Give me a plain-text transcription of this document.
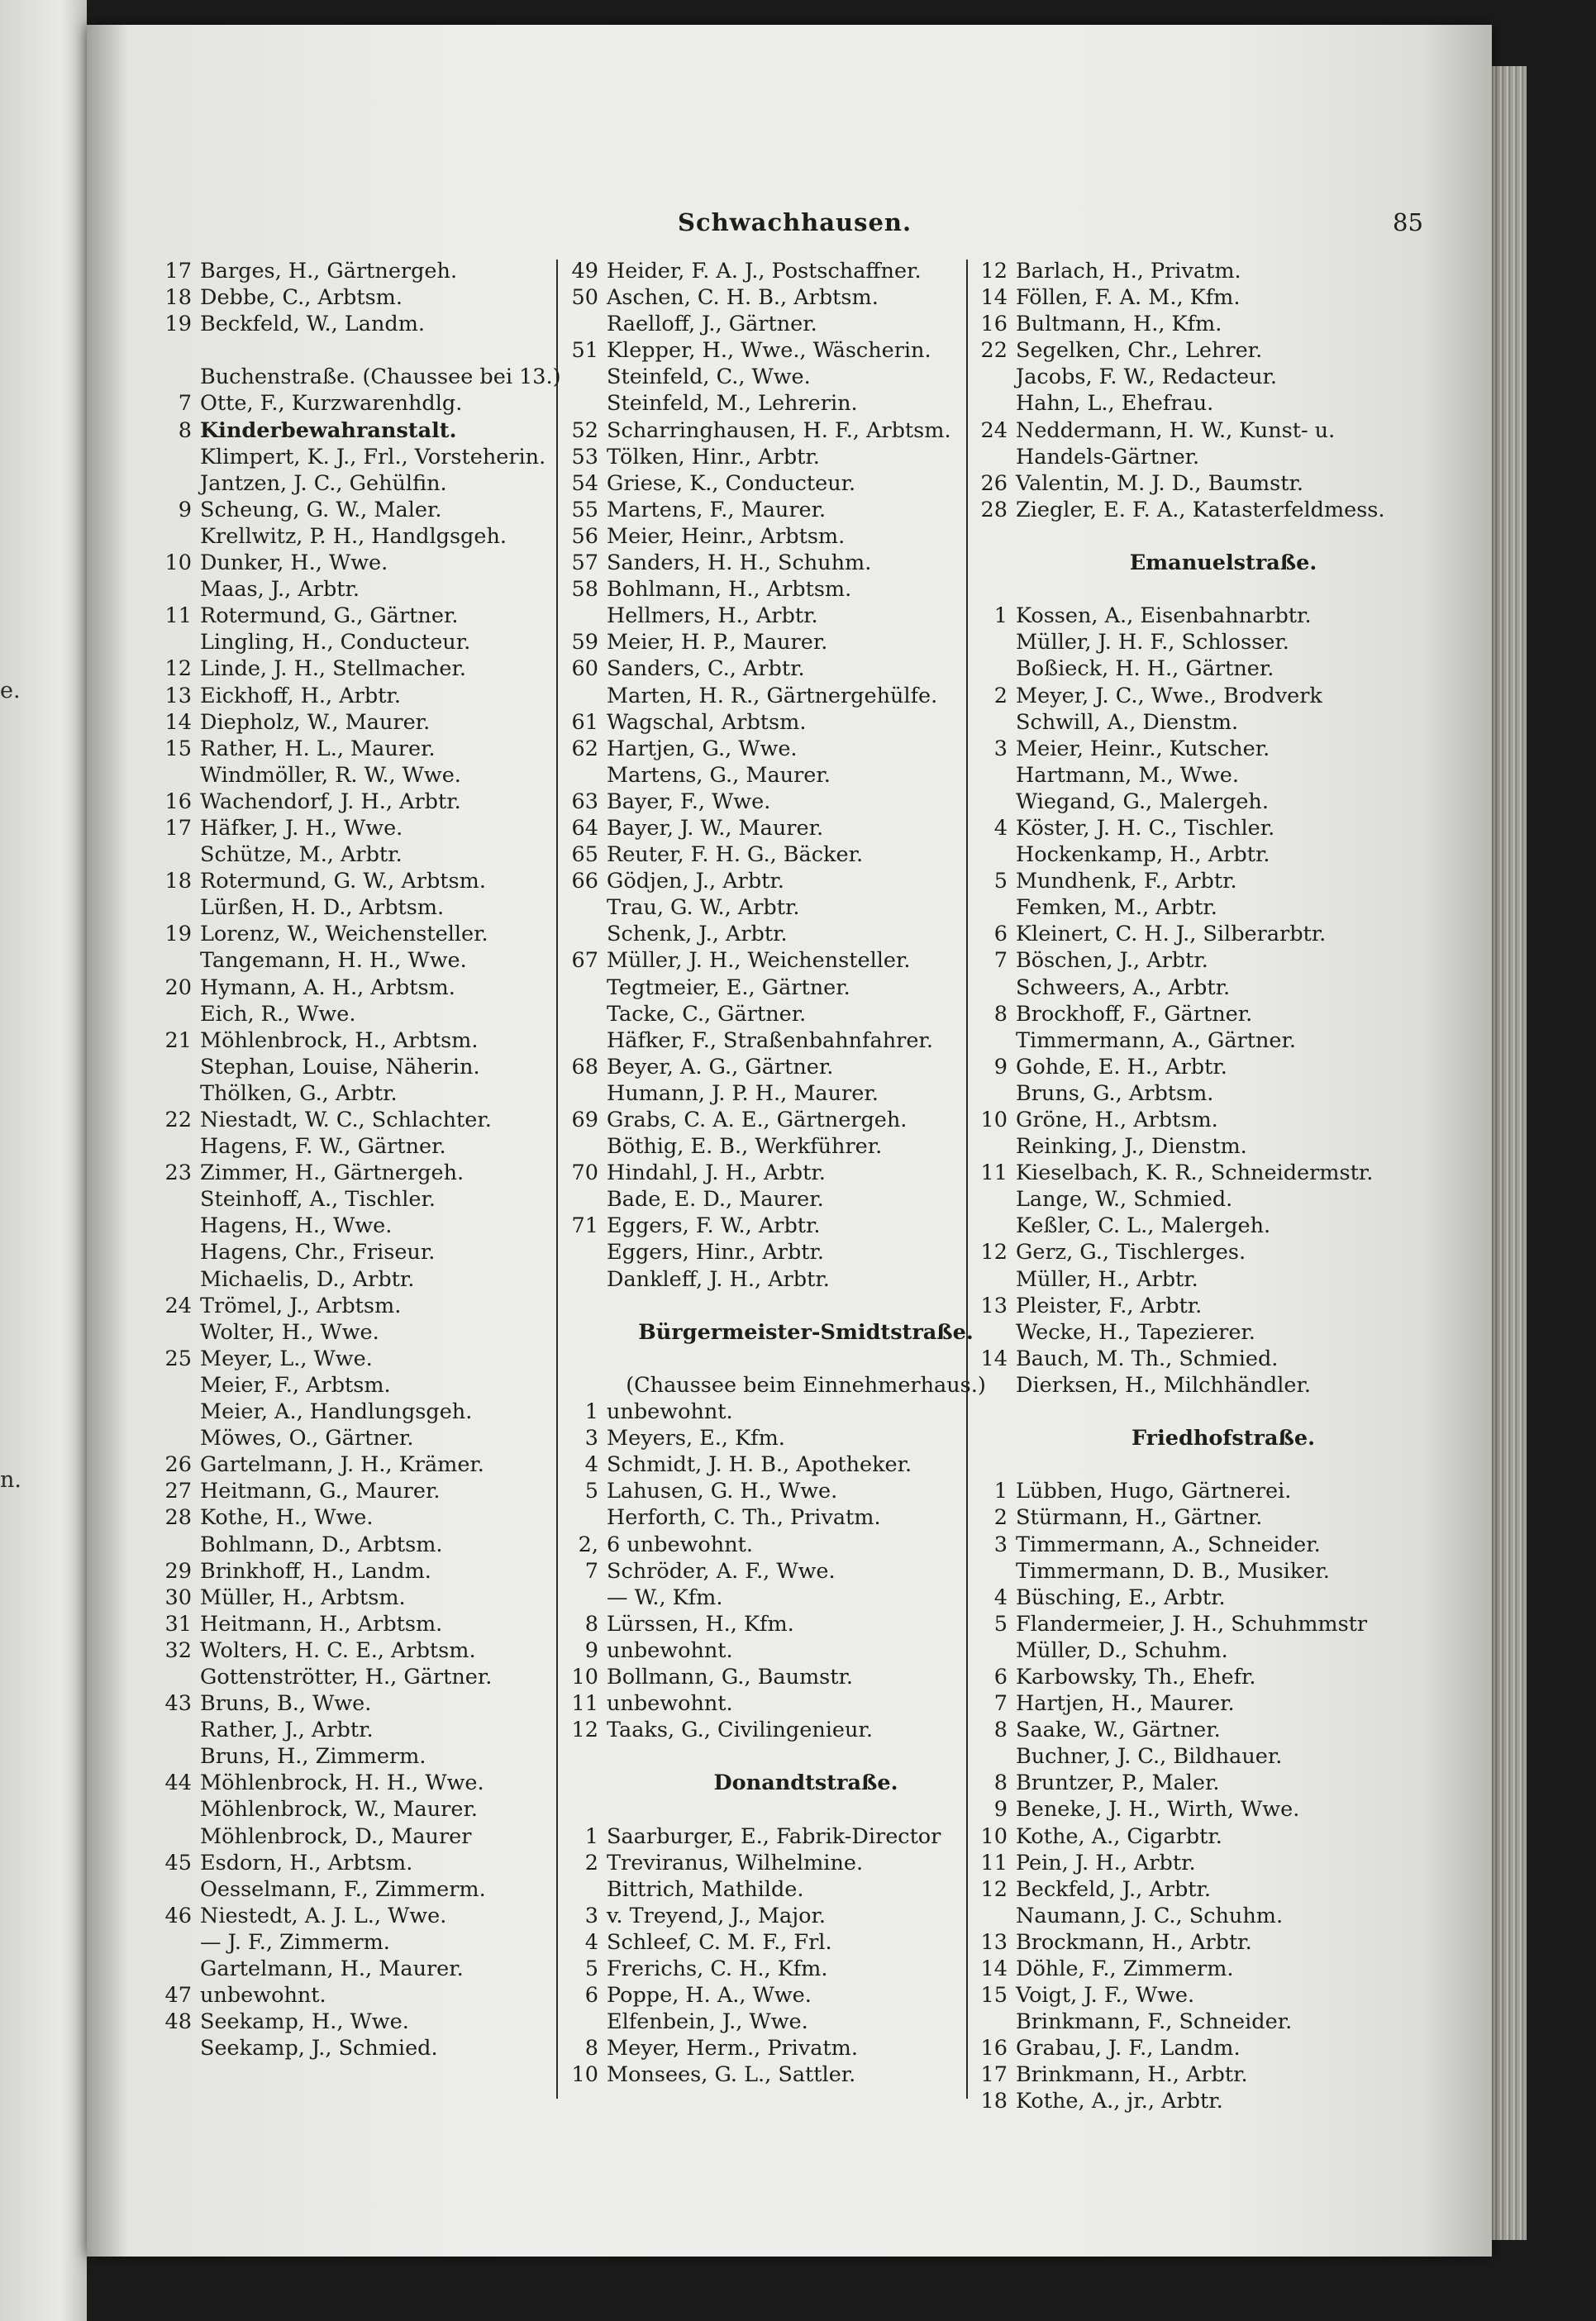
e.
n.
Schwachhausen.	85
17 Barges, H., Gärtnergeh.
18 Debbe, C., Arbtsm.
19 Beckfeld, W., Landm.
Buchenstraße. (Chaussee bei 13.)
7 Otte, F., Kurzwarenhdlg.
8 Kinderbewahranstalt.
Klimpert, K. J., Frl., Vorsteherin.
Jantzen, J. C., Gehülfin.
9 Scheung, G. W., Maler.
Krellwitz, P. H., Handlgsgeh.
10 Dunker, H., Wwe.
Maas, J., Arbtr.
11 Rotermund, G., Gärtner.
Lingling, H., Conducteur.
12 Linde, J. H., Stellmacher.
13 Eickhoff, H., Arbtr.
14 Diepholz, W., Maurer.
15 Rather, H. L., Maurer.
Windmöller, R. W., Wwe.
16 Wachendorf, J. H., Arbtr.
17 Häfker, J. H., Wwe.
Schütze, M., Arbtr.
18 Rotermund, G. W., Arbtsm.
Lürßen, H. D., Arbtsm.
19 Lorenz, W., Weichensteller.
Tangemann, H. H., Wwe.
20 Hymann, A. H., Arbtsm.
Eich, R., Wwe.
21 Möhlenbrock, H., Arbtsm.
Stephan, Louise, Näherin.
Thölken, G., Arbtr.
22 Niestadt, W. C., Schlachter.
Hagens, F. W., Gärtner.
23 Zimmer, H., Gärtnergeh.
Steinhoff, A., Tischler.
Hagens, H., Wwe.
Hagens, Chr., Friseur.
Michaelis, D., Arbtr.
24 Trömel, J., Arbtsm.
Wolter, H., Wwe.
25 Meyer, L., Wwe.
Meier, F., Arbtsm.
Meier, A., Handlungsgeh.
Möwes, O., Gärtner.
26 Gartelmann, J. H., Krämer.
27 Heitmann, G., Maurer.
28 Kothe, H., Wwe.
Bohlmann, D., Arbtsm.
29 Brinkhoff, H., Landm.
30 Müller, H., Arbtsm.
31 Heitmann, H., Arbtsm.
32 Wolters, H. C. E., Arbtsm.
Gottenströtter, H., Gärtner.
43 Bruns, B., Wwe.
Rather, J., Arbtr.
Bruns, H., Zimmerm.
44 Möhlenbrock, H. H., Wwe.
Möhlenbrock, W., Maurer.
Möhlenbrock, D., Maurer
45 Esdorn, H., Arbtsm.
Oesselmann, F., Zimmerm.
46 Niestedt, A. J. L., Wwe.
— J. F., Zimmerm.
Gartelmann, H., Maurer.
47 unbewohnt.
48 Seekamp, H., Wwe.
Seekamp, J., Schmied.
49 Heider, F. A. J., Postschaffner.
50 Aschen, C. H. B., Arbtsm.
Raelloff, J., Gärtner.
51 Klepper, H., Wwe., Wäscherin.
Steinfeld, C., Wwe.
Steinfeld, M., Lehrerin.
52 Scharringhausen, H. F., Arbtsm.
53 Tölken, Hinr., Arbtr.
54 Griese, K., Conducteur.
55 Martens, F., Maurer.
56 Meier, Heinr., Arbtsm.
57 Sanders, H. H., Schuhm.
58 Bohlmann, H., Arbtsm.
Hellmers, H., Arbtr.
59 Meier, H. P., Maurer.
60 Sanders, C., Arbtr.
Marten, H. R., Gärtnergehülfe.
61 Wagschal, Arbtsm.
62 Hartjen, G., Wwe.
Martens, G., Maurer.
63 Bayer, F., Wwe.
64 Bayer, J. W., Maurer.
65 Reuter, F. H. G., Bäcker.
66 Gödjen, J., Arbtr.
Trau, G. W., Arbtr.
Schenk, J., Arbtr.
67 Müller, J. H., Weichensteller.
Tegtmeier, E., Gärtner.
Tacke, C., Gärtner.
Häfker, F., Straßenbahnfahrer.
68 Beyer, A. G., Gärtner.
Humann, J. P. H., Maurer.
69 Grabs, C. A. E., Gärtnergeh.
Böthig, E. B., Werkführer.
70 Hindahl, J. H., Arbtr.
Bade, E. D., Maurer.
71 Eggers, F. W., Arbtr.
Eggers, Hinr., Arbtr.
Dankleff, J. H., Arbtr.
Bürgermeister-Smidtstraße.
(Chaussee beim Einnehmerhaus.)
1 unbewohnt.
3 Meyers, E., Kfm.
4 Schmidt, J. H. B., Apotheker.
5 Lahusen, G. H., Wwe.
Herforth, C. Th., Privatm.
2, 6 unbewohnt.
7 Schröder, A. F., Wwe.
— W., Kfm.
8 Lürssen, H., Kfm.
9 unbewohnt.
10 Bollmann, G., Baumstr.
11 unbewohnt.
12 Taaks, G., Civilingenieur.
Donandtstraße.
1 Saarburger, E., Fabrik-Director
2 Treviranus, Wilhelmine.
Bittrich, Mathilde.
3 v. Treyend, J., Major.
4 Schleef, C. M. F., Frl.
5 Frerichs, C. H., Kfm.
6 Poppe, H. A., Wwe.
Elfenbein, J., Wwe.
8 Meyer, Herm., Privatm.
10 Monsees, G. L., Sattler.
12 Barlach, H., Privatm.
14 Föllen, F. A. M., Kfm.
16 Bultmann, H., Kfm.
22 Segelken, Chr., Lehrer.
Jacobs, F. W., Redacteur.
Hahn, L., Ehefrau.
24 Neddermann, H. W., Kunst- u.
Handels-Gärtner.
26 Valentin, M. J. D., Baumstr.
28 Ziegler, E. F. A., Katasterfeldmess.
Emanuelstraße.
1 Kossen, A., Eisenbahnarbtr.
Müller, J. H. F., Schlosser.
Boßieck, H. H., Gärtner.
2 Meyer, J. C., Wwe., Brodverk
Schwill, A., Dienstm.
3 Meier, Heinr., Kutscher.
Hartmann, M., Wwe.
Wiegand, G., Malergeh.
4 Köster, J. H. C., Tischler.
Hockenkamp, H., Arbtr.
5 Mundhenk, F., Arbtr.
Femken, M., Arbtr.
6 Kleinert, C. H. J., Silberarbtr.
7 Böschen, J., Arbtr.
Schweers, A., Arbtr.
8 Brockhoff, F., Gärtner.
Timmermann, A., Gärtner.
9 Gohde, E. H., Arbtr.
Bruns, G., Arbtsm.
10 Gröne, H., Arbtsm.
Reinking, J., Dienstm.
11 Kieselbach, K. R., Schneidermstr.
Lange, W., Schmied.
Keßler, C. L., Malergeh.
12 Gerz, G., Tischlerges.
Müller, H., Arbtr.
13 Pleister, F., Arbtr.
Wecke, H., Tapezierer.
14 Bauch, M. Th., Schmied.
Dierksen, H., Milchhändler.
Friedhofstraße.
1 Lübben, Hugo, Gärtnerei.
2 Stürmann, H., Gärtner.
3 Timmermann, A., Schneider.
Timmermann, D. B., Musiker.
4 Büsching, E., Arbtr.
5 Flandermeier, J. H., Schuhmmstr
Müller, D., Schuhm.
6 Karbowsky, Th., Ehefr.
7 Hartjen, H., Maurer.
8 Saake, W., Gärtner.
Buchner, J. C., Bildhauer.
8 Bruntzer, P., Maler.
9 Beneke, J. H., Wirth, Wwe.
10 Kothe, A., Cigarbtr.
11 Pein, J. H., Arbtr.
12 Beckfeld, J., Arbtr.
Naumann, J. C., Schuhm.
13 Brockmann, H., Arbtr.
14 Döhle, F., Zimmerm.
15 Voigt, J. F., Wwe.
Brinkmann, F., Schneider.
16 Grabau, J. F., Landm.
17 Brinkmann, H., Arbtr.
18 Kothe, A., jr., Arbtr.
